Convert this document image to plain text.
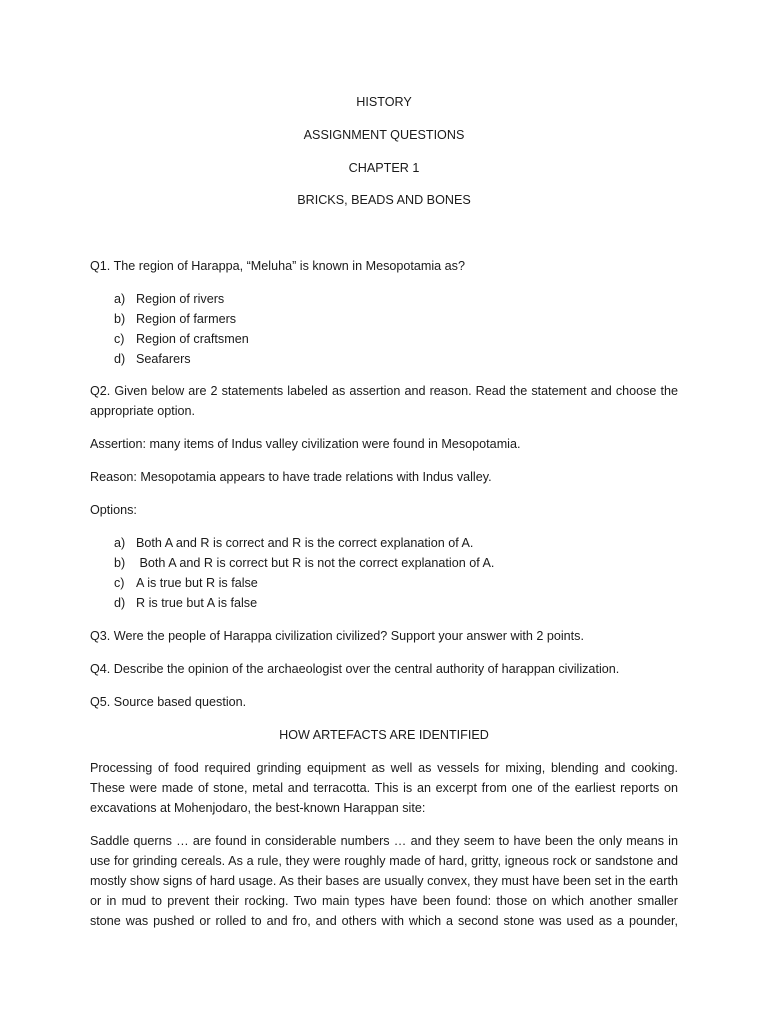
HISTORY
ASSIGNMENT QUESTIONS
CHAPTER 1
BRICKS, BEADS AND BONES

Q1. The region of Harappa, “Meluha” is known in Mesopotamia as?

a) Region of rivers
b) Region of farmers
c) Region of craftsmen
d) Seafarers

Q2. Given below are 2 statements labeled as assertion and reason. Read the statement and choose the appropriate option.

Assertion: many items of Indus valley civilization were found in Mesopotamia.

Reason: Mesopotamia appears to have trade relations with Indus valley.

Options:

a) Both A and R is correct and R is the correct explanation of A.
b) Both A and R is correct but R is not the correct explanation of A.
c) A is true but R is false
d) R is true but A is false

Q3. Were the people of Harappa civilization civilized? Support your answer with 2 points.

Q4. Describe the opinion of the archaeologist over the central authority of harappan civilization.

Q5. Source based question.

HOW ARTEFACTS ARE IDENTIFIED

Processing of food required grinding equipment as well as vessels for mixing, blending and cooking. These were made of stone, metal and terracotta. This is an excerpt from one of the earliest reports on excavations at Mohenjodaro, the best-known Harappan site:

Saddle querns … are found in considerable numbers … and they seem to have been the only means in use for grinding cereals. As a rule, they were roughly made of hard, gritty, igneous rock or sandstone and mostly show signs of hard usage. As their bases are usually convex, they must have been set in the earth or in mud to prevent their rocking. Two main types have been found: those on which another smaller stone was pushed or rolled to and fro, and others with which a second stone was used as a pounder,
